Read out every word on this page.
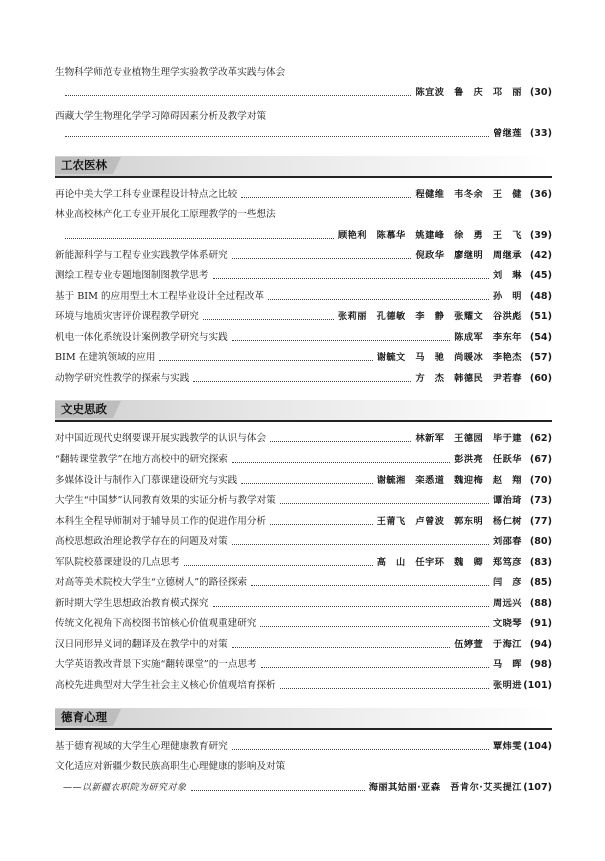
生物科学师范专业植物生理学实验教学改革实践与体会
陈宜波　鲁　庆　邛　丽 (30)
西藏大学生物理化学学习障碍因素分析及教学对策
曾继莲 (33)
工农医林
再论中美大学工科专业课程设计特点之比较	程健维　韦冬余　王　健 (36)
林业高校林产化工专业开展化工原理教学的一些想法
顾艳利　陈慕华　姚建峰　徐　勇　王　飞 (39)
新能源科学与工程专业实践教学体系研究	倪政华　廖继明　周继承 (42)
测绘工程专业专题地图制图教学思考	刘　琳 (45)
基于 BIM 的应用型土木工程毕业设计全过程改革	孙　明 (48)
环境与地质灾害评价课程教学研究	张莉丽　孔德敏　李　静　张耀文　谷洪彪 (51)
机电一体化系统设计案例教学研究与实践	陈成军　李东年 (54)
BIM 在建筑领域的应用	谢毓文　马　驰　尚暖冰　李艳杰 (57)
动物学研究性教学的探索与实践	方　杰　韩德民　尹若春 (60)
文史思政
对中国近现代史纲要课开展实践教学的认识与体会	林新军　王德园　毕于建 (62)
“翻转课堂教学”在地方高校中的研究探索	彭洪亮　任跃华 (67)
多媒体设计与制作入门慕课建设研究与实践	谢毓湘　栾悉道　魏迎梅　赵　翔 (70)
大学生“中国梦”认同教育效果的实证分析与教学对策	谭治琦 (73)
本科生全程导师制对于辅导员工作的促进作用分析	王莆飞　卢曾波　郭东明　杨仁树 (77)
高校思想政治理论教学存在的问题及对策	刘邵春 (80)
军队院校慕课建设的几点思考	高　山　任宇环　魏　卿　郑笃彦 (83)
对高等美术院校大学生“立德树人”的路径探索	闫　彦 (85)
新时期大学生思想政治教育模式探究	周远兴 (88)
传统文化视角下高校图书馆核心价值观重建研究	文晓琴 (91)
汉日同形异义词的翻译及在教学中的对策	伍婷萱　于海江 (94)
大学英语教改背景下实施“翻转课堂”的一点思考	马　晖 (98)
高校先进典型对大学生社会主义核心价值观培育探析	张明进 (101)
德育心理
基于德育视域的大学生心理健康教育研究	覃炜雯 (104)
文化适应对新疆少数民族高职生心理健康的影响及对策
——以新疆农职院为研究对象	海丽其姑丽·亚森　吾肯尔·艾买提江 (107)
